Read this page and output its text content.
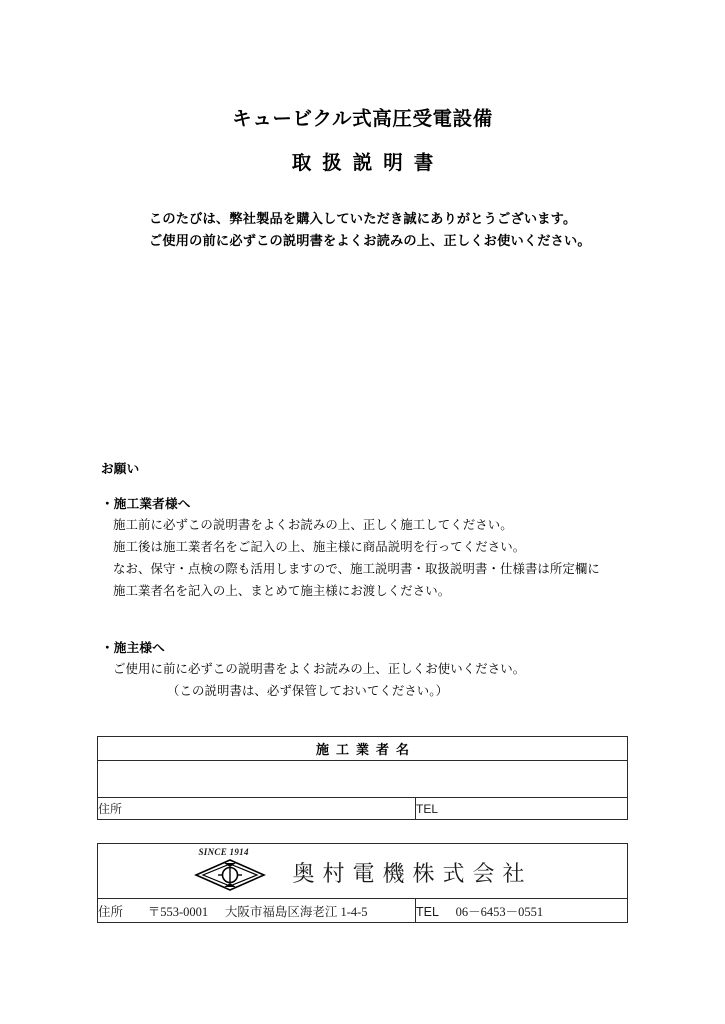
キュービクル式高圧受電設備
取扱説明書
このたびは、弊社製品を購入していただき誠にありがとうございます。
ご使用の前に必ずこの説明書をよくお読みの上、正しくお使いください。
お願い
・施工業者様へ
施工前に必ずこの説明書をよくお読みの上、正しく施工してください。
施工後は施工業者名をご記入の上、施主様に商品説明を行ってください。
なお、保守・点検の際も活用しますので、施工説明書・取扱説明書・仕様書は所定欄に
施工業者名を記入の上、まとめて施主様にお渡しください。
・施主様へ
ご使用に前に必ずこの説明書をよくお読みの上、正しくお使いください。
（この説明書は、必ず保管しておいてください。）
施工業者名

住所	TEL
SINCE 1914
奥村電機株式会社

住所 〒553-0001 大阪市福島区海老江 1-4-5	TEL 06－6453－0551
